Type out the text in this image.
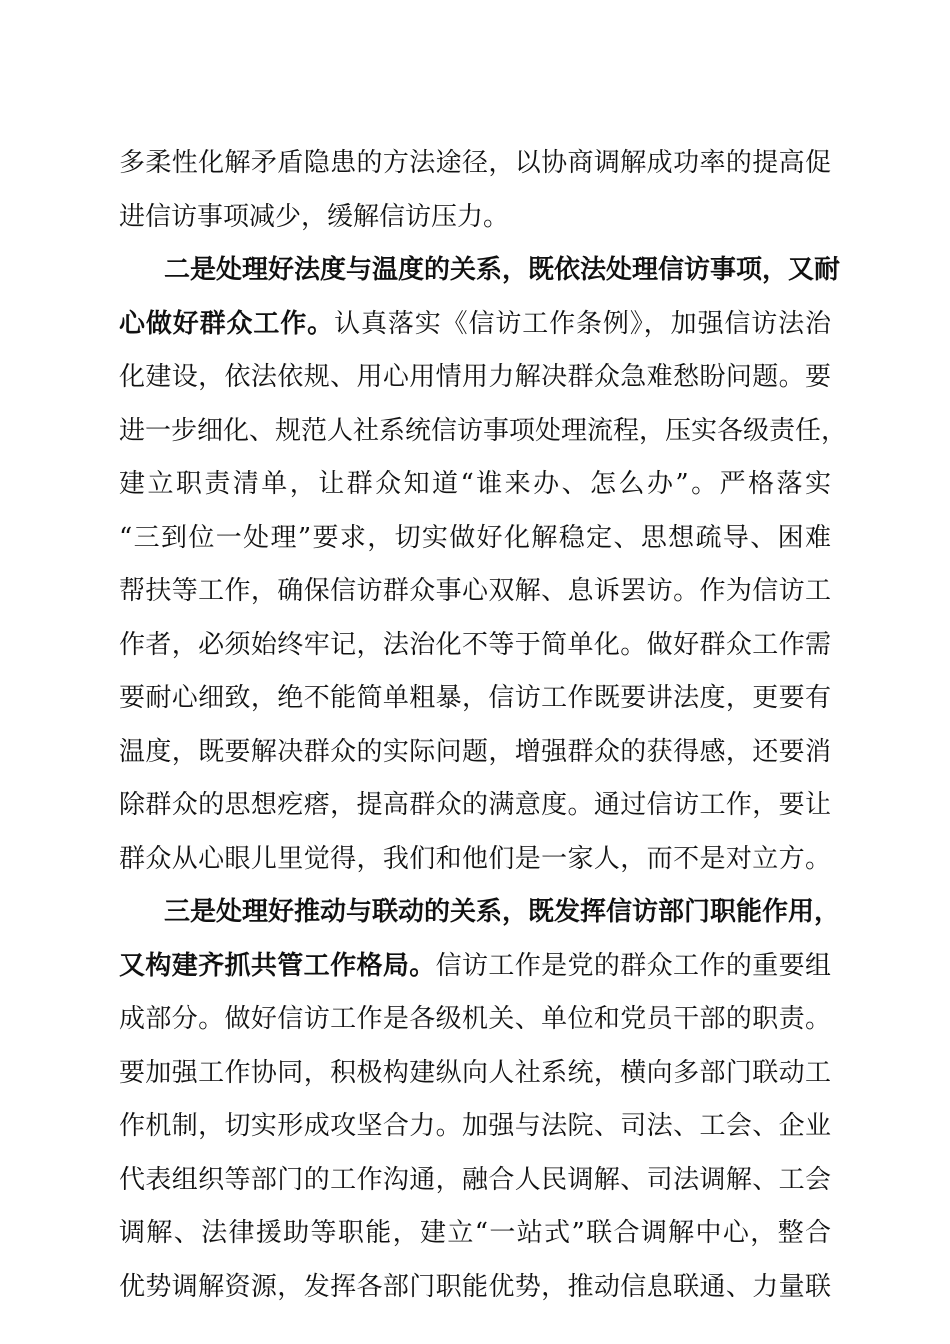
多柔性化解矛盾隐患的方法途径，以协商调解成功率的提高促
进信访事项减少，缓解信访压力。
二是处理好法度与温度的关系，既依法处理信访事项，又耐
心做好群众工作。认真落实《信访工作条例》，加强信访法治
化建设，依法依规、用心用情用力解决群众急难愁盼问题。要
进一步细化、规范人社系统信访事项处理流程，压实各级责任，
建立职责清单，让群众知道“谁来办、怎么办”。严格落实
“三到位一处理”要求，切实做好化解稳定、思想疏导、困难
帮扶等工作，确保信访群众事心双解、息诉罢访。作为信访工
作者，必须始终牢记，法治化不等于简单化。做好群众工作需
要耐心细致，绝不能简单粗暴，信访工作既要讲法度，更要有
温度，既要解决群众的实际问题，增强群众的获得感，还要消
除群众的思想疙瘩，提高群众的满意度。通过信访工作，要让
群众从心眼儿里觉得，我们和他们是一家人，而不是对立方。
三是处理好推动与联动的关系，既发挥信访部门职能作用，
又构建齐抓共管工作格局。信访工作是党的群众工作的重要组
成部分。做好信访工作是各级机关、单位和党员干部的职责。
要加强工作协同，积极构建纵向人社系统，横向多部门联动工
作机制，切实形成攻坚合力。加强与法院、司法、工会、企业
代表组织等部门的工作沟通，融合人民调解、司法调解、工会
调解、法律援助等职能，建立“一站式”联合调解中心，整合
优势调解资源，发挥各部门职能优势，推动信息联通、力量联
